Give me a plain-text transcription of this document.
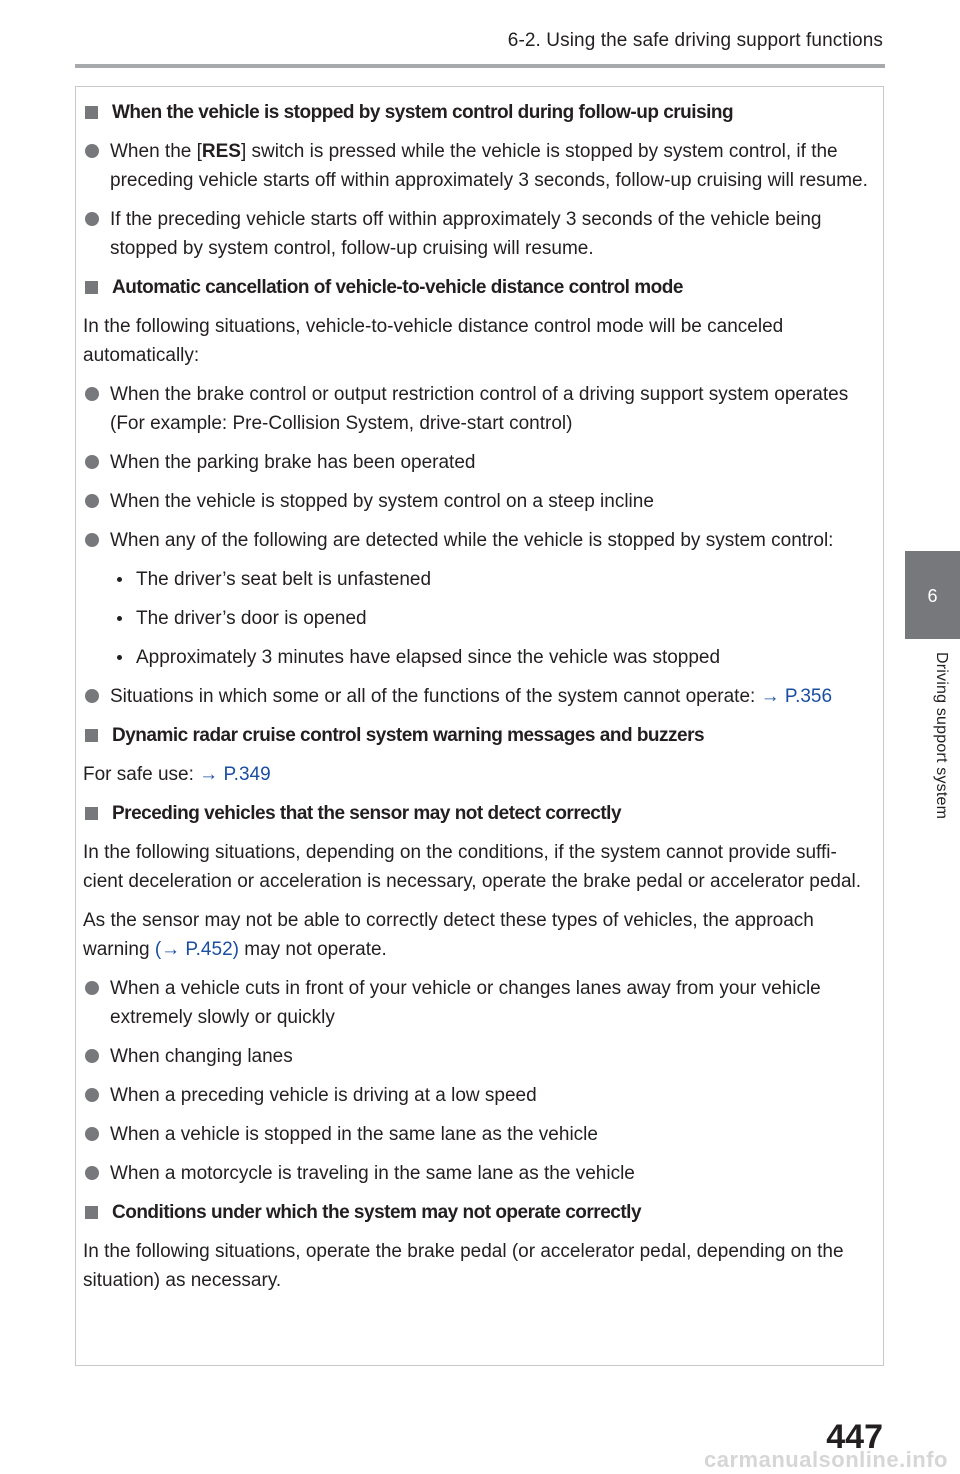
6-2. Using the safe driving support functions
6
Driving support system

When the vehicle is stopped by system control during follow-up cruising

When the [RES] switch is pressed while the vehicle is stopped by system control, if the preceding vehicle starts off within approximately 3 seconds, follow-up cruising will resume.

If the preceding vehicle starts off within approximately 3 seconds of the vehicle being stopped by system control, follow-up cruising will resume.

Automatic cancellation of vehicle-to-vehicle distance control mode

In the following situations, vehicle-to-vehicle distance control mode will be canceled automatically:

When the brake control or output restriction control of a driving support system operates (For example: Pre-Collision System, drive-start control)

When the parking brake has been operated

When the vehicle is stopped by system control on a steep incline

When any of the following are detected while the vehicle is stopped by system control:

The driver’s seat belt is unfastened

The driver’s door is opened

Approximately 3 minutes have elapsed since the vehicle was stopped

Situations in which some or all of the functions of the system cannot operate: → P.356

Dynamic radar cruise control system warning messages and buzzers

For safe use: → P.349

Preceding vehicles that the sensor may not detect correctly

In the following situations, depending on the conditions, if the system cannot provide suffi-cient deceleration or acceleration is necessary, operate the brake pedal or accelerator pedal.

As the sensor may not be able to correctly detect these types of vehicles, the approach warning (→ P.452) may not operate.

When a vehicle cuts in front of your vehicle or changes lanes away from your vehicle extremely slowly or quickly

When changing lanes

When a preceding vehicle is driving at a low speed

When a vehicle is stopped in the same lane as the vehicle

When a motorcycle is traveling in the same lane as the vehicle

Conditions under which the system may not operate correctly

In the following situations, operate the brake pedal (or accelerator pedal, depending on the situation) as necessary.

447
carmanualsonline.info
